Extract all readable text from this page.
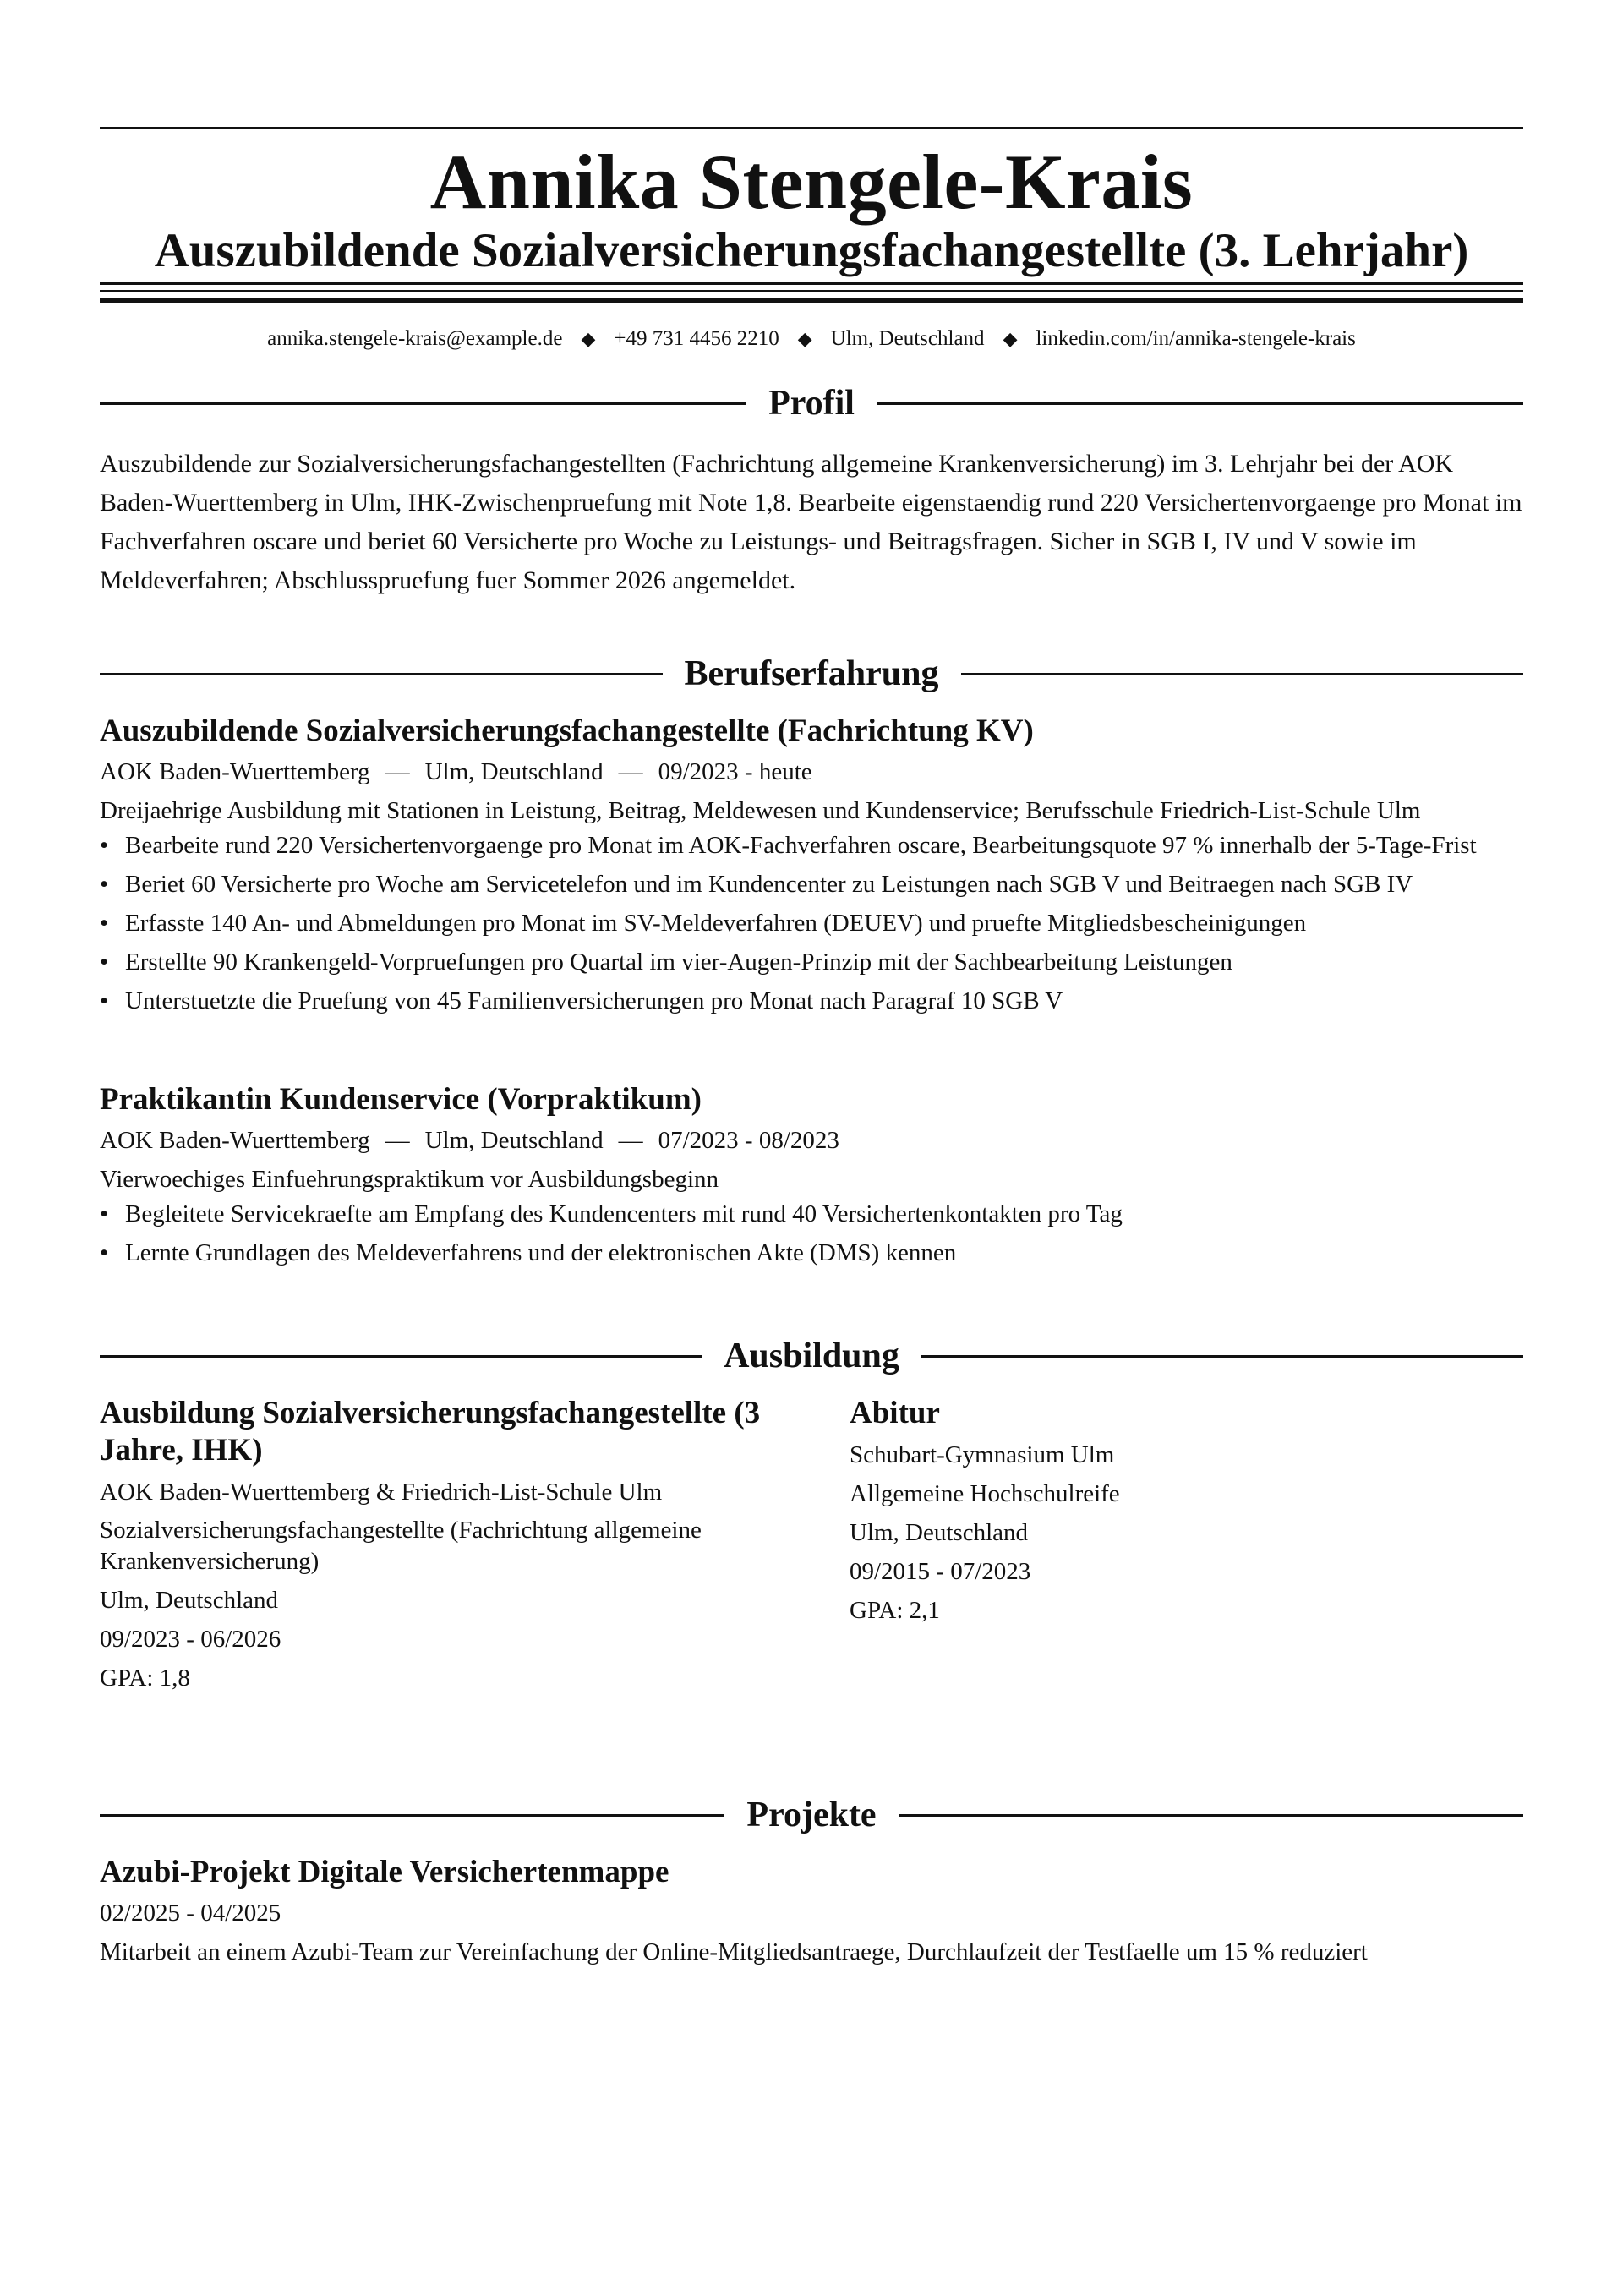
Annika Stengele-Krais
Auszubildende Sozialversicherungsfachangestellte (3. Lehrjahr)
annika.stengele-krais@example.de ◆ +49 731 4456 2210 ◆ Ulm, Deutschland ◆ linkedin.com/in/annika-stengele-krais
Profil

Auszubildende zur Sozialversicherungsfachangestellten (Fachrichtung allgemeine Krankenversicherung) im 3. Lehrjahr bei der AOK Baden-Wuerttemberg in Ulm, IHK-Zwischenpruefung mit Note 1,8. Bearbeite eigenstaendig rund 220 Versichertenvorgaenge pro Monat im Fachverfahren oscare und beriet 60 Versicherte pro Woche zu Leistungs- und Beitragsfragen. Sicher in SGB I, IV und V sowie im Meldeverfahren; Abschlusspruefung fuer Sommer 2026 angemeldet.

Berufserfahrung
Auszubildende Sozialversicherungsfachangestellte (Fachrichtung KV)
AOK Baden-Wuerttemberg — Ulm, Deutschland — 09/2023 - heute
Dreijaehrige Ausbildung mit Stationen in Leistung, Beitrag, Meldewesen und Kundenservice; Berufsschule Friedrich-List-Schule Ulm
• Bearbeite rund 220 Versichertenvorgaenge pro Monat im AOK-Fachverfahren oscare, Bearbeitungsquote 97 % innerhalb der 5-Tage-Frist
• Beriet 60 Versicherte pro Woche am Servicetelefon und im Kundencenter zu Leistungen nach SGB V und Beitraegen nach SGB IV
• Erfasste 140 An- und Abmeldungen pro Monat im SV-Meldeverfahren (DEUEV) und pruefte Mitgliedsbescheinigungen
• Erstellte 90 Krankengeld-Vorpruefungen pro Quartal im vier-Augen-Prinzip mit der Sachbearbeitung Leistungen
• Unterstuetzte die Pruefung von 45 Familienversicherungen pro Monat nach Paragraf 10 SGB V
Praktikantin Kundenservice (Vorpraktikum)
AOK Baden-Wuerttemberg — Ulm, Deutschland — 07/2023 - 08/2023
Vierwoechiges Einfuehrungspraktikum vor Ausbildungsbeginn
• Begleitete Servicekraefte am Empfang des Kundencenters mit rund 40 Versichertenkontakten pro Tag
• Lernte Grundlagen des Meldeverfahrens und der elektronischen Akte (DMS) kennen
Ausbildung
Ausbildung Sozialversicherungsfachangestellte (3 Jahre, IHK)
AOK Baden-Wuerttemberg & Friedrich-List-Schule Ulm
Sozialversicherungsfachangestellte (Fachrichtung allgemeine Krankenversicherung)
Ulm, Deutschland
09/2023 - 06/2026
GPA: 1,8
Abitur
Schubart-Gymnasium Ulm
Allgemeine Hochschulreife
Ulm, Deutschland
09/2015 - 07/2023
GPA: 2,1
Projekte
Azubi-Projekt Digitale Versichertenmappe
02/2025 - 04/2025
Mitarbeit an einem Azubi-Team zur Vereinfachung der Online-Mitgliedsantraege, Durchlaufzeit der Testfaelle um 15 % reduziert
